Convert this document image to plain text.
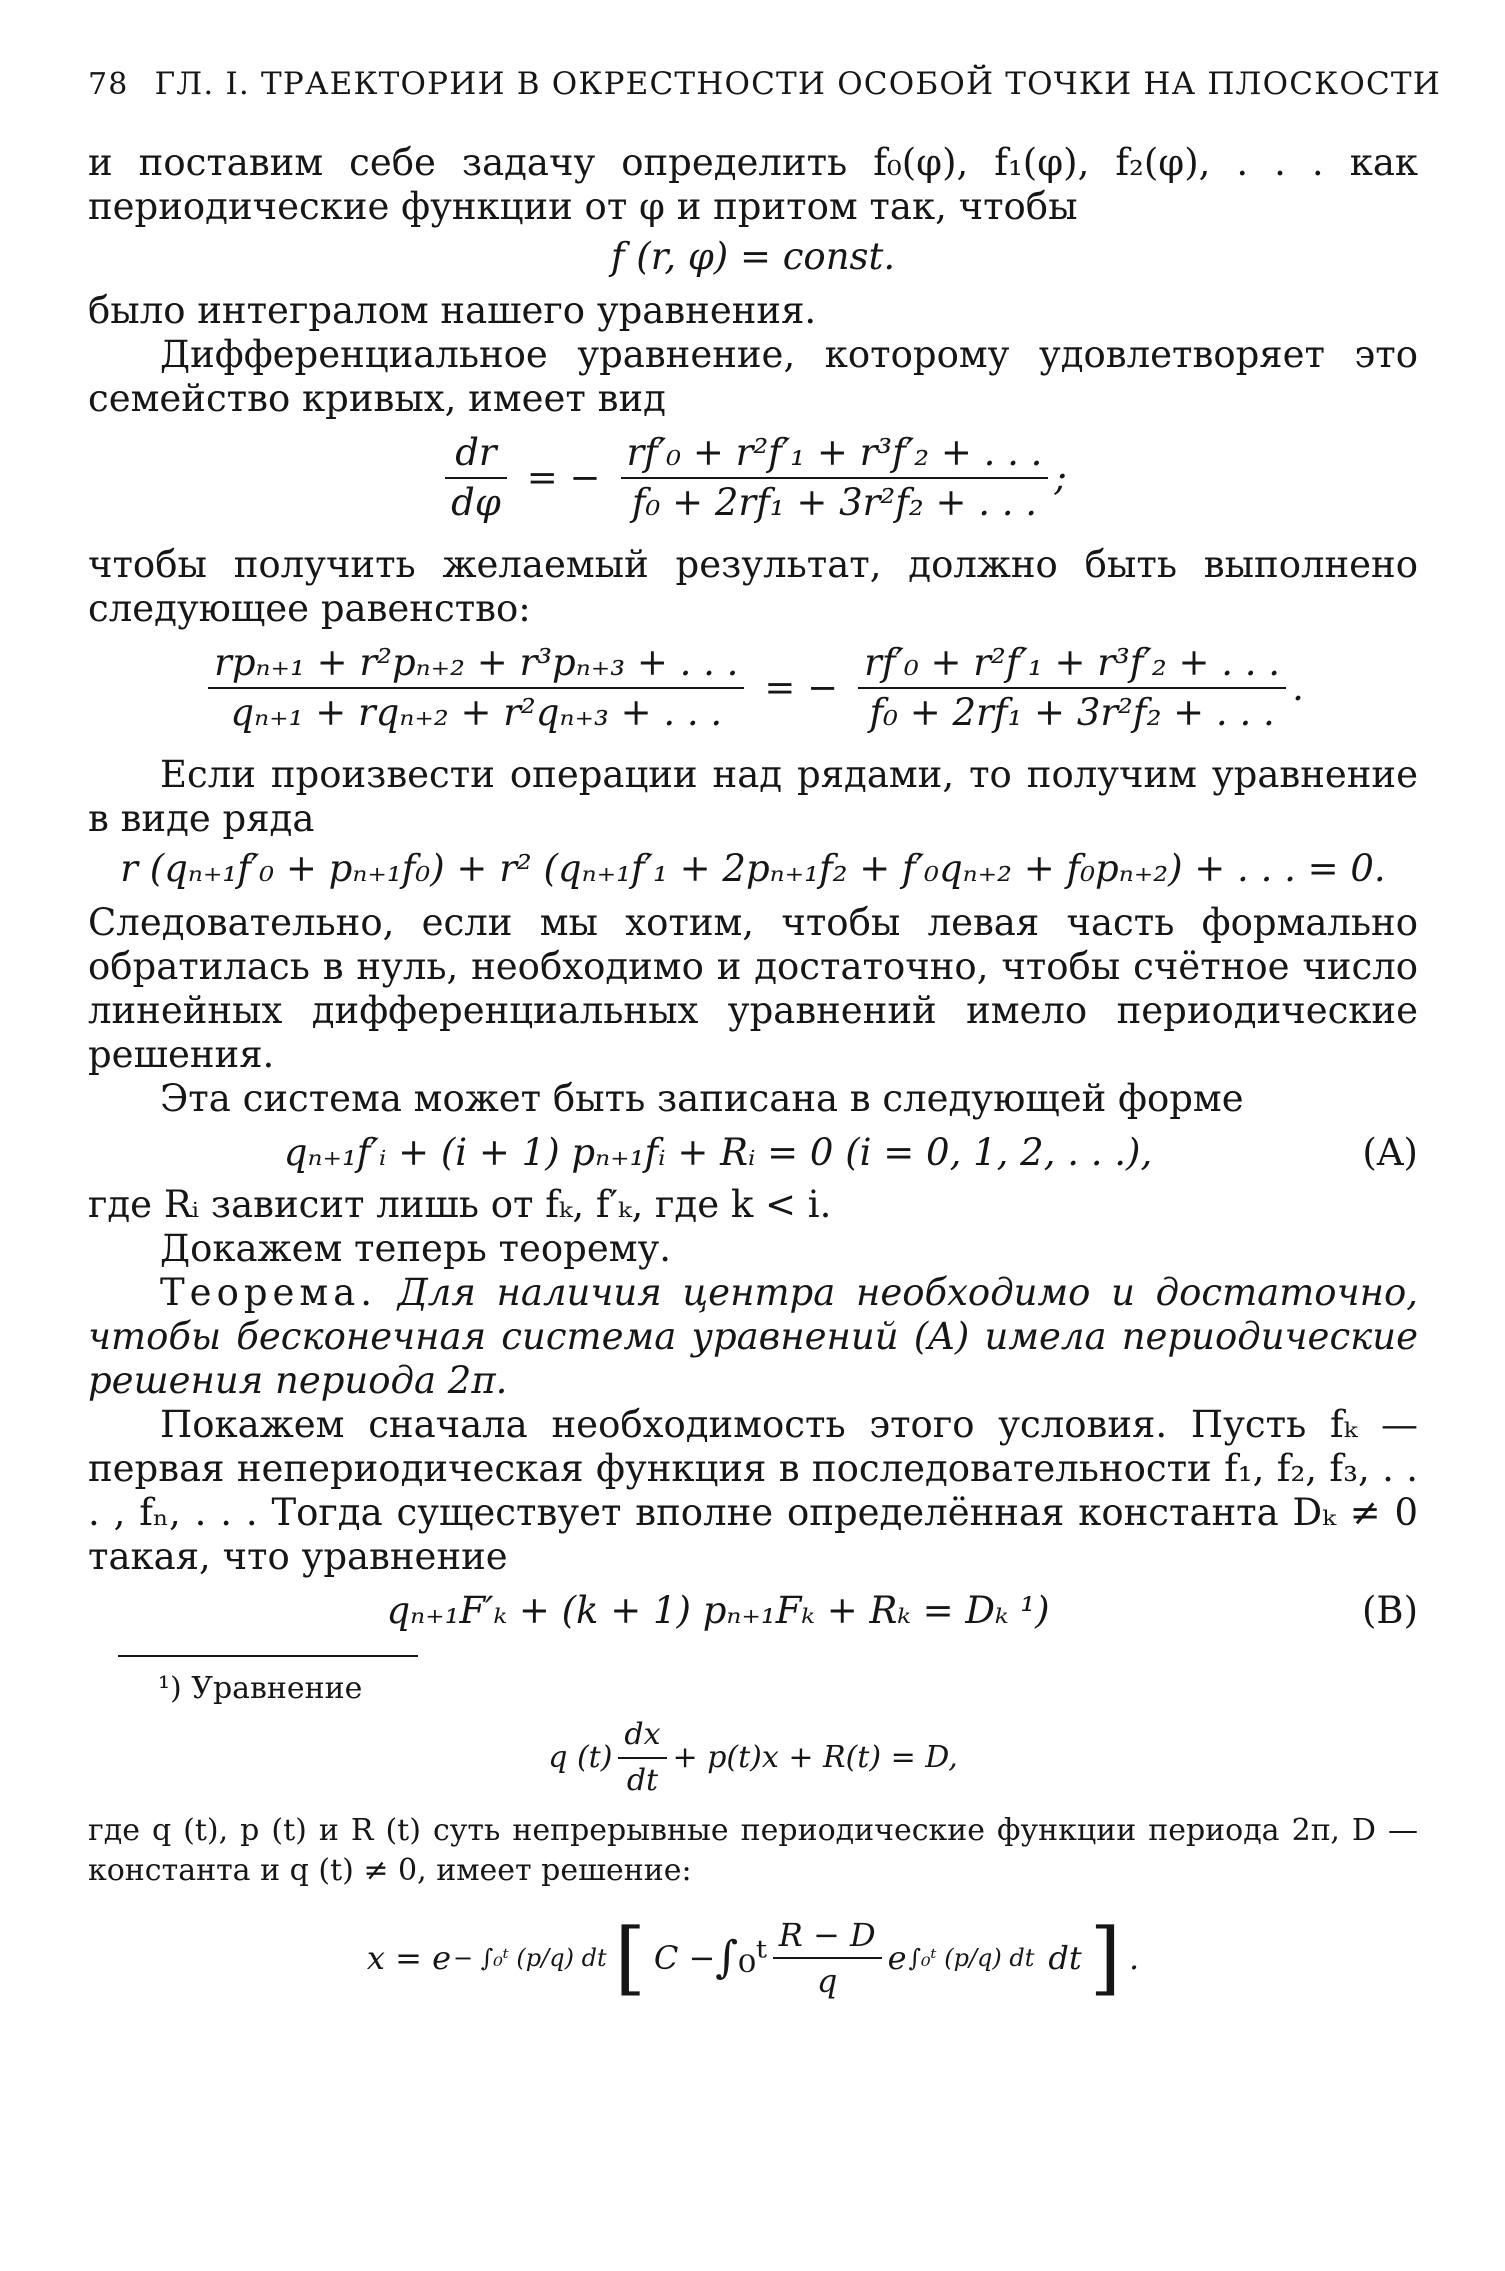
78 ГЛ. I. ТРАЕКТОРИИ В ОКРЕСТНОСТИ ОСОБОЙ ТОЧКИ НА ПЛОСКОСТИ

и поставим себе задачу определить f₀(φ), f₁(φ), f₂(φ), . . . как периодические функции от φ и притом так, чтобы

f (r, φ) = const.

было интегралом нашего уравнения.

Дифференциальное уравнение, которому удовлетворяет это семейство кривых, имеет вид

$\frac{dr}{d\varphi}$ = − $\frac{\text{rf′₀ + r²f′₁ + r³f′₂ + . . .}}{\text{f₀ + 2rf₁ + 3r²f₂ + . . .}}$ ;

чтобы получить желаемый результат, должно быть выполнено следующее равенство:

$\frac{\text{rpₙ₊₁ + r²pₙ₊₂ + r³pₙ₊₃ + . . .}}{\text{qₙ₊₁ + rqₙ₊₂ + r²qₙ₊₃ + . . .}}$ = − $\frac{\text{rf′₀ + r²f′₁ + r³f′₂ + . . .}}{\text{f₀ + 2rf₁ + 3r²f₂ + . . .}}$ .

Если произвести операции над рядами, то получим уравнение в виде ряда

r (qₙ₊₁f′₀ + pₙ₊₁f₀) + r² (qₙ₊₁f′₁ + 2pₙ₊₁f₂ + f′₀qₙ₊₂ + f₀pₙ₊₂) + . . . = 0.

Следовательно, если мы хотим, чтобы левая часть формально обратилась в нуль, необходимо и достаточно, чтобы счётное число линейных дифференциальных уравнений имело периодические решения.

Эта система может быть записана в следующей форме

qₙ₊₁f′ᵢ + (i + 1) pₙ₊₁fᵢ + Rᵢ = 0 (i = 0, 1, 2, . . .),	(A)

где Rᵢ зависит лишь от fₖ, f′ₖ, где k < i.

Докажем теперь теорему.

Теорема. Для наличия центра необходимо и достаточно, чтобы бесконечная система уравнений (A) имела периодические решения периода 2π.

Покажем сначала необходимость этого условия. Пусть fₖ — первая непериодическая функция в последовательности f₁, f₂, f₃, . . . , fₙ, . . . Тогда существует вполне определённая константа Dₖ ≠ 0 такая, что уравнение

qₙ₊₁F′ₖ + (k + 1) pₙ₊₁Fₖ + Rₖ = Dₖ ¹)	(B)
¹) Уравнение
q $(t) \frac{dx}{dt} + p(t)x + R(t) = D$,

где q (t), p (t) и R (t) суть непрерывные периодические функции периода 2π, D — константа и q (t) ≠ 0, имеет решение:

x = e − ∫₀ᵗ (p/q) dt [ C − ∫₀ᵗ $\frac{R - D}{q}$ e ∫₀ᵗ (p/q) dt dt ] .
